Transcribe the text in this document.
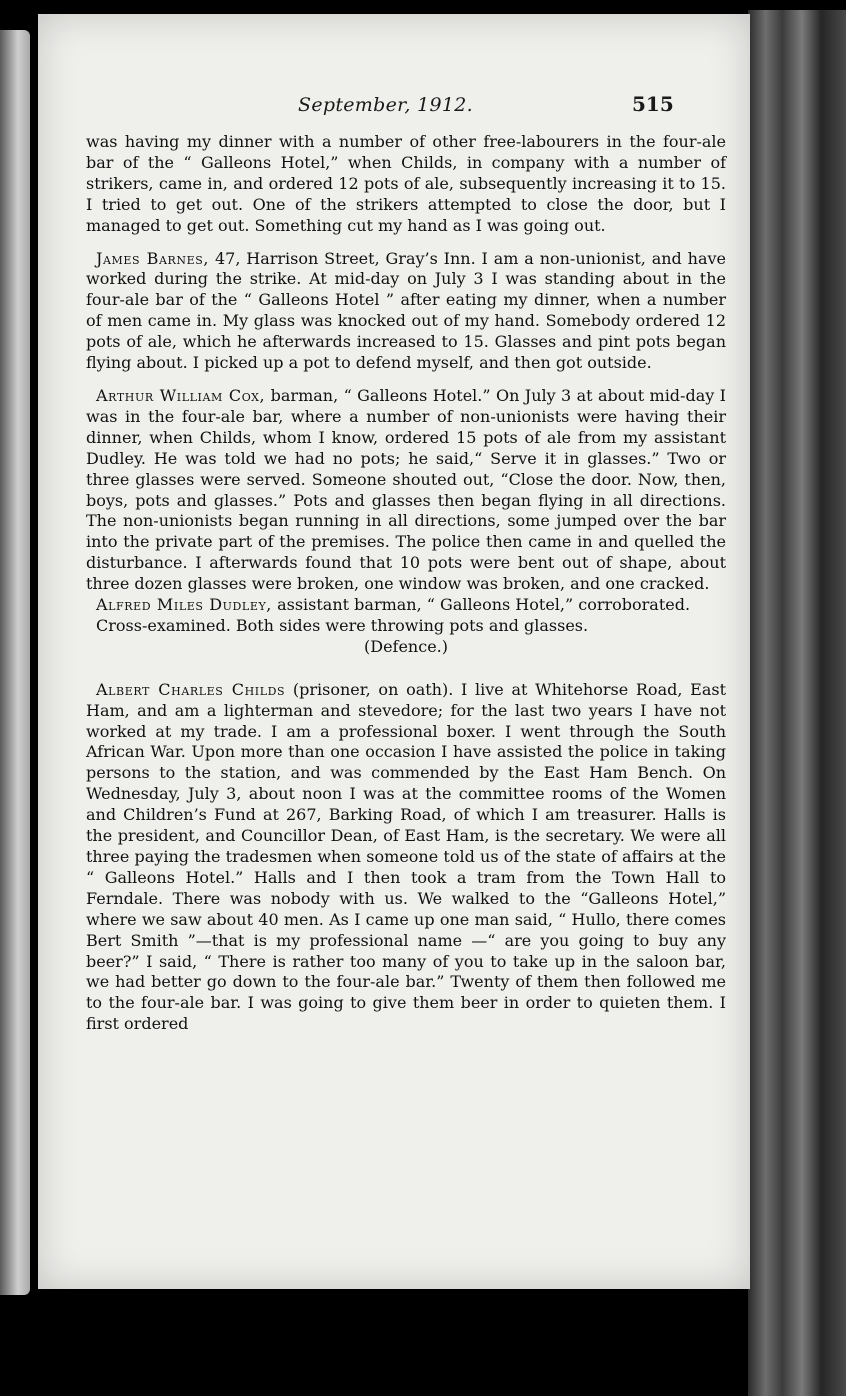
September, 1912.	515

was having my dinner with a number of other free-labourers in the four-ale bar of the “ Galleons Hotel,” when Childs, in company with a number of strikers, came in, and ordered 12 pots of ale, subsequently increasing it to 15. I tried to get out. One of the strikers attempted to close the door, but I managed to get out. Something cut my hand as I was going out.

James Barnes, 47, Harrison Street, Gray’s Inn. I am a non-unionist, and have worked during the strike. At mid-day on July 3 I was standing about in the four-ale bar of the “ Galleons Hotel ” after eating my dinner, when a number of men came in. My glass was knocked out of my hand. Somebody ordered 12 pots of ale, which he afterwards increased to 15. Glasses and pint pots began flying about. I picked up a pot to defend myself, and then got outside.

Arthur William Cox, barman, “ Galleons Hotel.” On July 3 at about mid-day I was in the four-ale bar, where a number of non-unionists were having their dinner, when Childs, whom I know, ordered 15 pots of ale from my assistant Dudley. He was told we had no pots; he said,“ Serve it in glasses.” Two or three glasses were served. Someone shouted out, “Close the door. Now, then, boys, pots and glasses.” Pots and glasses then began flying in all directions. The non-unionists began running in all directions, some jumped over the bar into the private part of the premises. The police then came in and quelled the disturbance. I afterwards found that 10 pots were bent out of shape, about three dozen glasses were broken, one window was broken, and one cracked.

Alfred Miles Dudley, assistant barman, “ Galleons Hotel,” corroborated.

Cross-examined. Both sides were throwing pots and glasses.

(Defence.)

Albert Charles Childs (prisoner, on oath). I live at Whitehorse Road, East Ham, and am a lighterman and stevedore; for the last two years I have not worked at my trade. I am a professional boxer. I went through the South African War. Upon more than one occasion I have assisted the police in taking persons to the station, and was commended by the East Ham Bench. On Wednesday, July 3, about noon I was at the committee rooms of the Women and Children’s Fund at 267, Barking Road, of which I am treasurer. Halls is the president, and Councillor Dean, of East Ham, is the secretary. We were all three paying the tradesmen when someone told us of the state of affairs at the “ Galleons Hotel.” Halls and I then took a tram from the Town Hall to Ferndale. There was nobody with us. We walked to the “Galleons Hotel,” where we saw about 40 men. As I came up one man said, “ Hullo, there comes Bert Smith ”—that is my professional name —“ are you going to buy any beer?” I said, “ There is rather too many of you to take up in the saloon bar, we had better go down to the four-ale bar.” Twenty of them then followed me to the four-ale bar. I was going to give them beer in order to quieten them. I first ordered
